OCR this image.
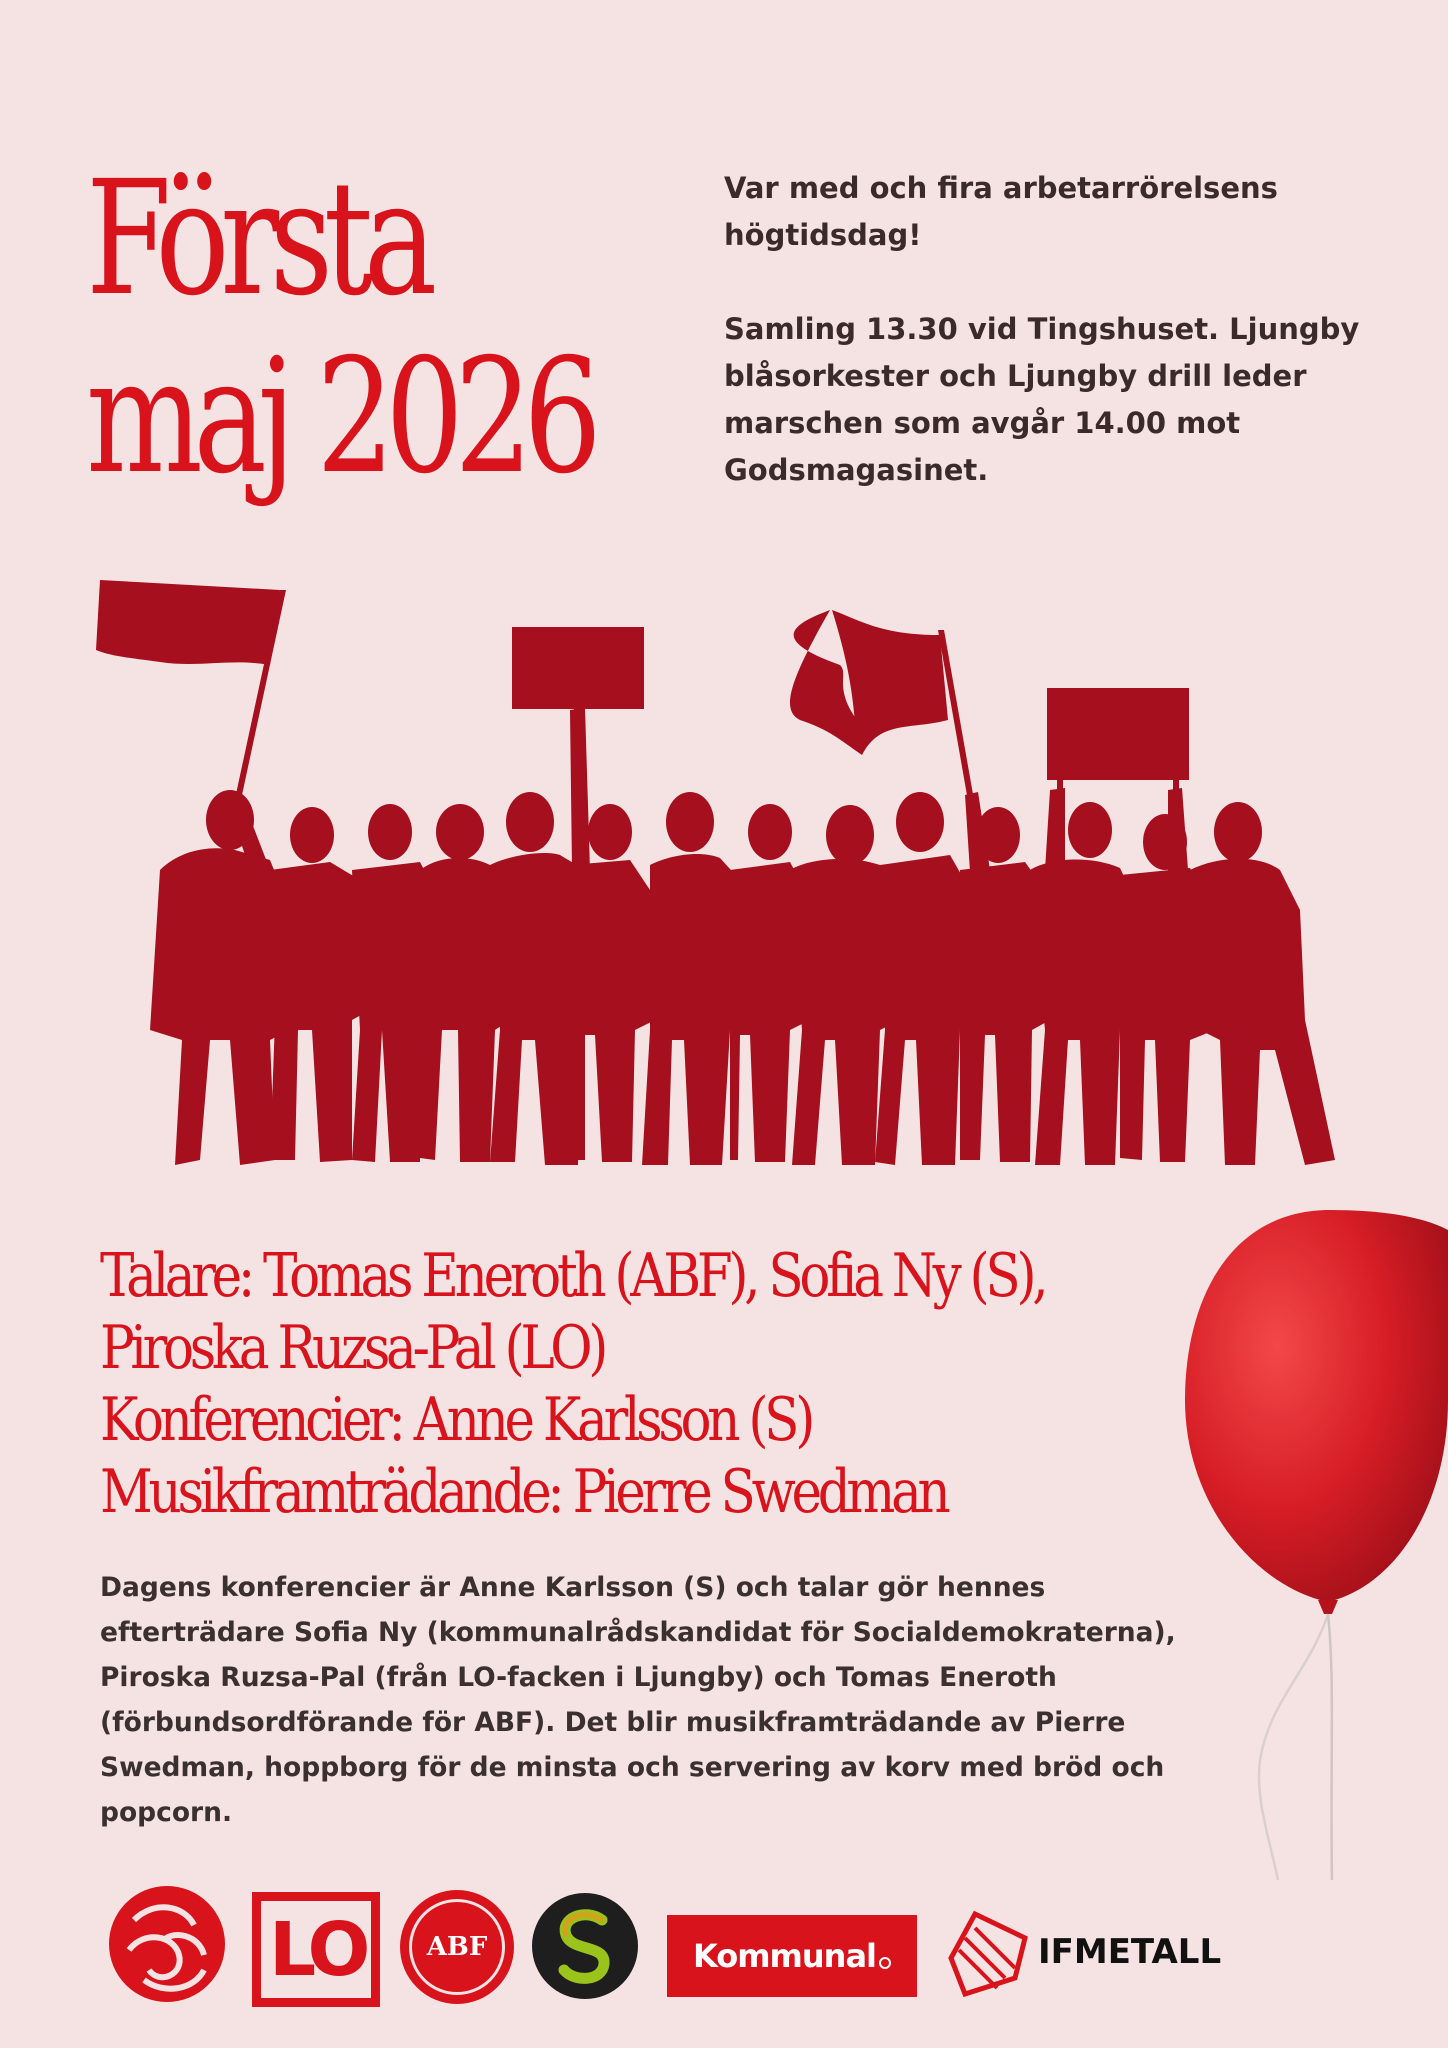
Första
maj 2026

Var med och fira arbetarrörelsens högtidsdag!

Samling 13.30 vid Tingshuset. Ljungby blåsorkester och Ljungby drill leder marschen som avgår 14.00 mot Godsmagasinet.

Talare: Tomas Eneroth (ABF), Sofia Ny (S),
Piroska Ruzsa-Pal (LO)
Konferencier: Anne Karlsson (S)
Musikframträdande: Pierre Swedman
Dagens konferencier är Anne Karlsson (S) och talar gör hennes efterträdare Sofia Ny (kommunalrådskandidat för Socialdemokraterna), Piroska Ruzsa-Pal (från LO-facken i Ljungby) och Tomas Eneroth (förbundsordförande för ABF). Det blir musikframträdande av Pierre Swedman, hoppborg för de minsta och servering av korv med bröd och popcorn.
LO ABF	Kommunal	IFMETALL
